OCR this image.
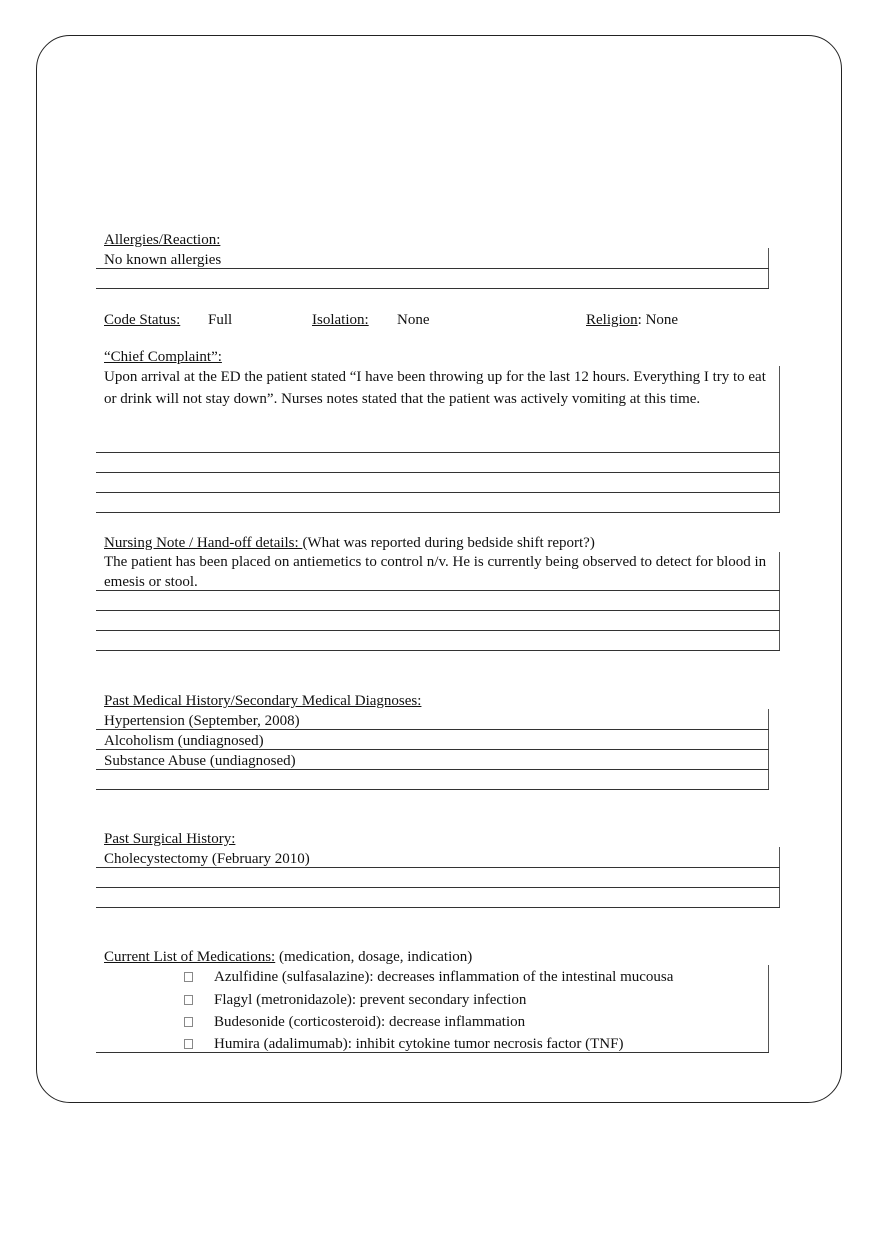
Allergies/Reaction:
No known allergies
Code Status: Full	Isolation: None	Religion: None
“Chief Complaint”:
Upon arrival at the ED the patient stated “I have been throwing up for the last 12 hours. Everything I try to eat or drink will not stay down”. Nurses notes stated that the patient was actively vomiting at this time.
Nursing Note / Hand-off details: (What was reported during bedside shift report?)
The patient has been placed on antiemetics to control n/v. He is currently being observed to detect for blood in emesis or stool.
Past Medical History/Secondary Medical Diagnoses:
Hypertension (September, 2008)
Alcoholism (undiagnosed)
Substance Abuse (undiagnosed)
Past Surgical History:
Cholecystectomy (February 2010)
Current List of Medications: (medication, dosage, indication)
Azulfidine (sulfasalazine): decreases inflammation of the intestinal mucousa
Flagyl (metronidazole): prevent secondary infection
Budesonide (corticosteroid): decrease inflammation
Humira (adalimumab): inhibit cytokine tumor necrosis factor (TNF)
